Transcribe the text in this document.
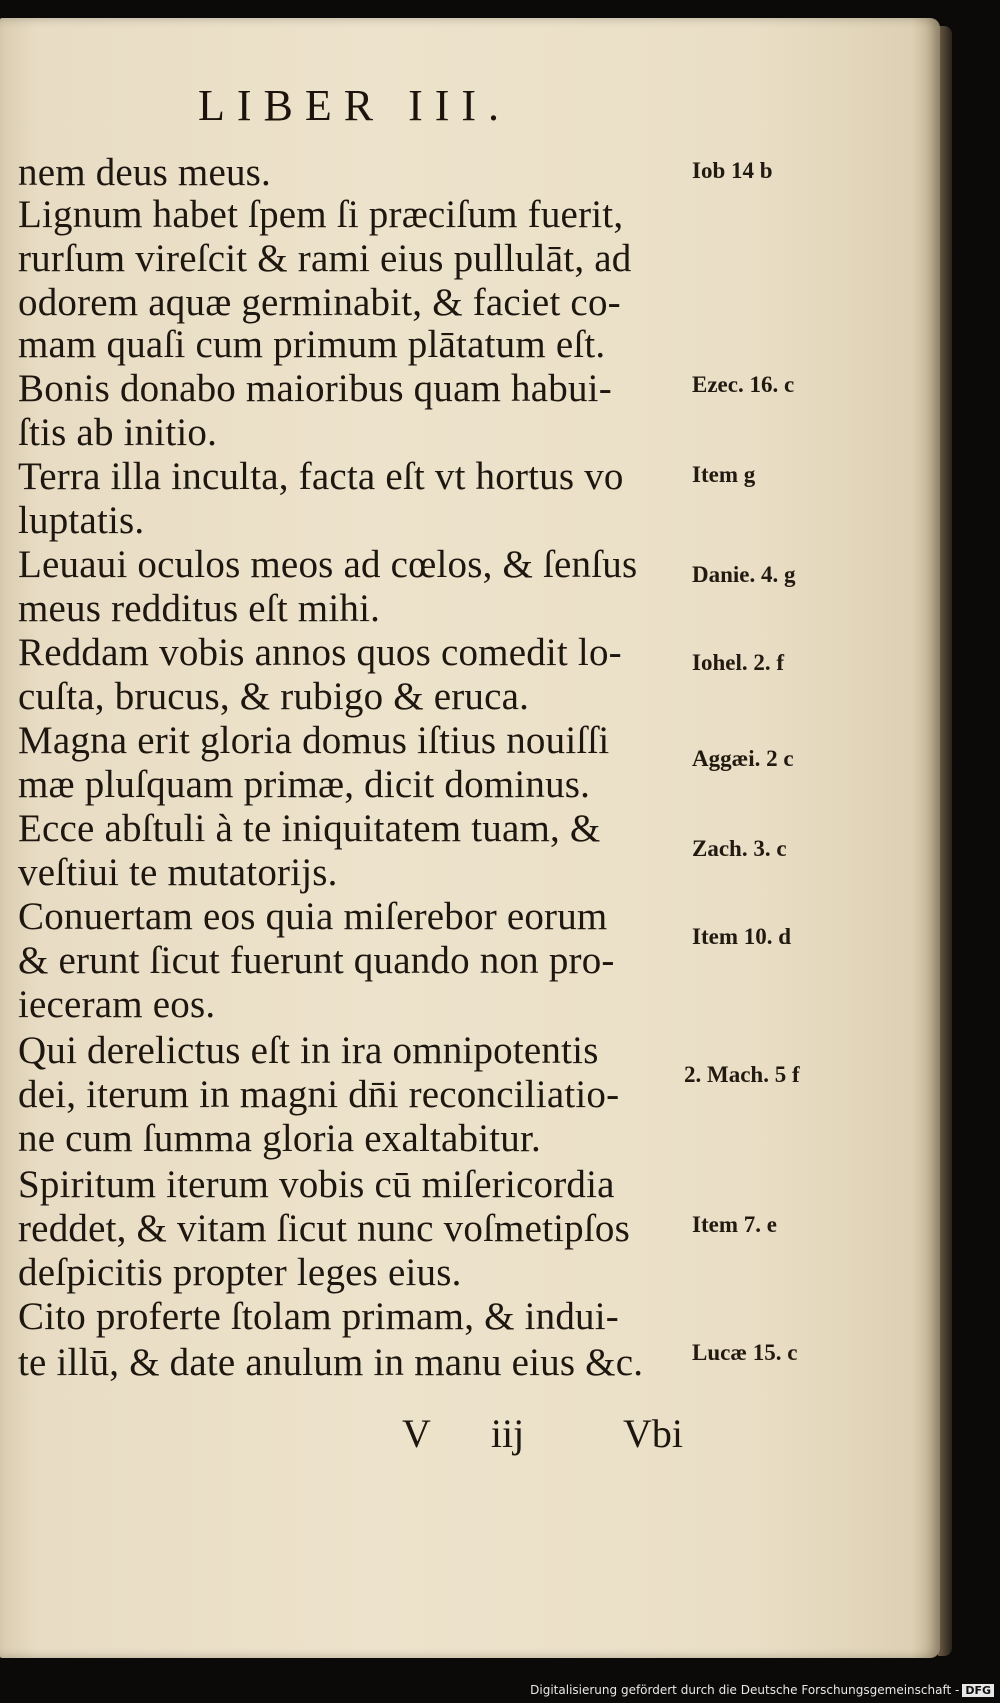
LIBER III.
nem deus meus.
Lignum habet ſpem ſi præciſum fuerit,
rurſum vireſcit & rami eius pullulāt, ad
odorem aquæ germinabit, & faciet co-
mam quaſi cum primum plātatum eſt.
Bonis donabo maioribus quam habui-
ſtis ab initio.
Terra illa inculta, facta eſt vt hortus vo
luptatis.
Leuaui oculos meos ad cœlos, & ſenſus
meus redditus eſt mihi.
Reddam vobis annos quos comedit lo-
cuſta, brucus, & rubigo & eruca.
Magna erit gloria domus iſtius nouiſſi
mæ pluſquam primæ, dicit dominus.
Ecce abſtuli à te iniquitatem tuam, &
veſtiui te mutatorijs.
Conuertam eos quia miſerebor eorum
& erunt ſicut fuerunt quando non pro-
ieceram eos.
Qui derelictus eſt in ira omnipotentis
dei, iterum in magni dn̄i reconciliatio-
ne cum ſumma gloria exaltabitur.
Spiritum iterum vobis cū miſericordia
reddet, & vitam ſicut nunc voſmetipſos
deſpicitis propter leges eius.
Cito proferte ſtolam primam, & indui-
te illū, & date anulum in manu eius &c.
Iob 14 b
Ezec. 16. c
Item g
Danie. 4. g
Iohel. 2. f
Aggæi. 2 c
Zach. 3. c
Item 10. d
2. Mach. 5 f
Item 7. e
Lucæ 15. c
V iij	Vbi
Digitalisierung gefördert durch die Deutsche Forschungsgemeinschaft - DFG
